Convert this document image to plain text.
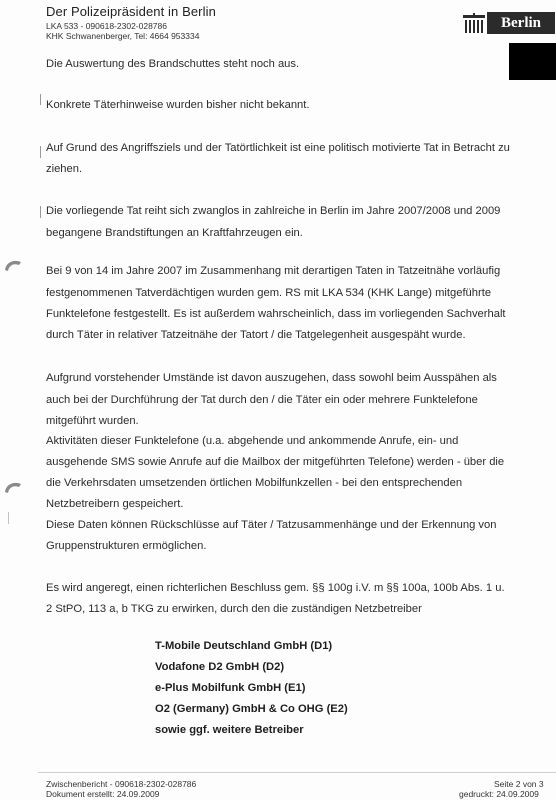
Der Polizeipräsident in Berlin
LKA 533 - 090618-2302-028786
KHK Schwanenberger, Tel: 4664 953334
Berlin
Die Auswertung des Brandschuttes steht noch aus.
Konkrete Täterhinweise wurden bisher nicht bekannt.
Auf Grund des Angriffsziels und der Tatörtlichkeit ist eine politisch motivierte Tat in Betracht zu
ziehen.
Die vorliegende Tat reiht sich zwanglos in zahlreiche in Berlin im Jahre 2007/2008 und 2009
begangene Brandstiftungen an Kraftfahrzeugen ein.
Bei 9 von 14 im Jahre 2007 im Zusammenhang mit derartigen Taten in Tatzeitnähe vorläufig
festgenommenen Tatverdächtigen wurden gem. RS mit LKA 534 (KHK Lange) mitgeführte
Funktelefone festgestellt. Es ist außerdem wahrscheinlich, dass im vorliegenden Sachverhalt
durch Täter in relativer Tatzeitnähe der Tatort / die Tatgelegenheit ausgespäht wurde.
Aufgrund vorstehender Umstände ist davon auszugehen, dass sowohl beim Ausspähen als
auch bei der Durchführung der Tat durch den / die Täter ein oder mehrere Funktelefone
mitgeführt wurden.
Aktivitäten dieser Funktelefone (u.a. abgehende und ankommende Anrufe, ein- und
ausgehende SMS sowie Anrufe auf die Mailbox der mitgeführten Telefone) werden - über die
die Verkehrsdaten umsetzenden örtlichen Mobilfunkzellen - bei den entsprechenden
Netzbetreibern gespeichert.
Diese Daten können Rückschlüsse auf Täter / Tatzusammenhänge und der Erkennung von
Gruppenstrukturen ermöglichen.
Es wird angeregt, einen richterlichen Beschluss gem. §§ 100g i.V. m §§ 100a, 100b Abs. 1 u.
2 StPO, 113 a, b TKG zu erwirken, durch den die zuständigen Netzbetreiber
T-Mobile Deutschland GmbH (D1)
Vodafone D2 GmbH (D2)
e-Plus Mobilfunk GmbH (E1)
O2 (Germany) GmbH & Co OHG (E2)
sowie ggf. weitere Betreiber
Zwischenbericht - 090618-2302-028786
Dokument erstellt: 24.09.2009
Seite 2 von 3
gedruckt: 24.09.2009
